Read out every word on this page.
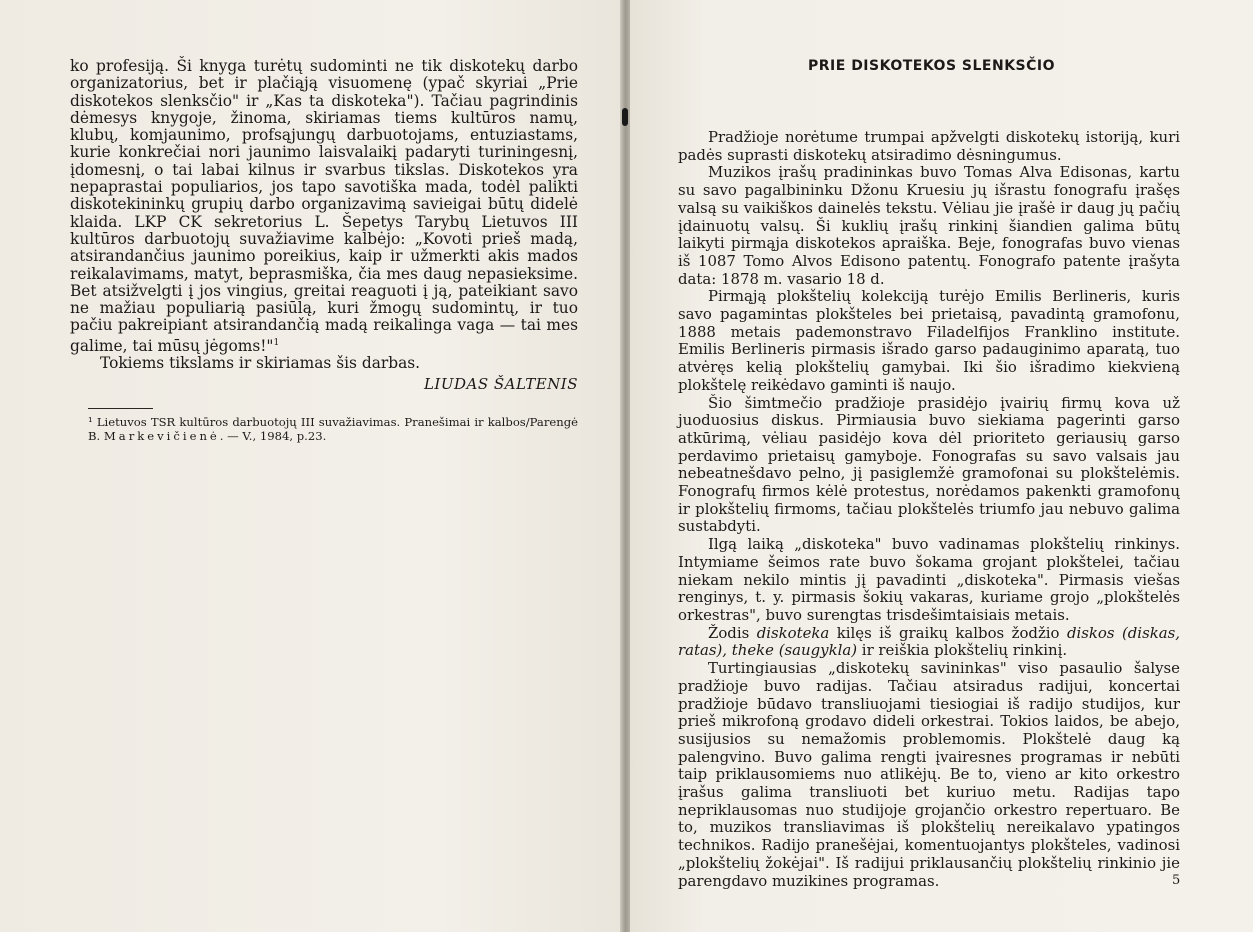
ko profesiją. Ši knyga turėtų sudominti ne tik diskotekų darbo organizatorius, bet ir plačiąją visuomenę (ypač skyriai „Prie diskotekos slenksčio" ir „Kas ta diskoteka"). Tačiau pagrindinis dėmesys knygoje, žinoma, skiriamas tiems kultūros namų, klubų, komjaunimo, profsąjungų darbuotojams, entuziastams, kurie konkrečiai nori jaunimo laisvalaikį padaryti turiningesnį, įdomesnį, o tai labai kilnus ir svarbus tikslas. Diskotekos yra nepaprastai populiarios, jos tapo savotiška mada, todėl palikti diskotekininkų grupių darbo organizavimą savieigai būtų didelė klaida. LKP CK sekretorius L. Šepetys Tarybų Lietuvos III kultūros darbuotojų suvažiavime kalbėjo: „Kovoti prieš madą, atsirandančius jaunimo poreikius, kaip ir užmerkti akis mados reikalavimams, matyt, beprasmiška, čia mes daug nepasieksime. Bet atsižvelgti į jos vingius, greitai reaguoti į ją, pateikiant savo ne mažiau populiarią pasiūlą, kuri žmogų sudomintų, ir tuo pačiu pakreipiant atsirandančią madą reikalinga vaga — tai mes galime, tai mūsų jėgoms!"$^1$

Tokiems tikslams ir skiriamas šis darbas.

LIUDAS ŠALTENIS
¹ Lietuvos TSR kultūros darbuotojų III suvažiavimas. Pranešimai ir kalbos/Parengė B. Markevičienė. — V., 1984, p.23.
PRIE DISKOTEKOS SLENKSČIO

Pradžioje norėtume trumpai apžvelgti diskotekų istoriją, kuri padės suprasti diskotekų atsiradimo dėsningumus.

Muzikos įrašų pradininkas buvo Tomas Alva Edisonas, kartu su savo pagalbininku Džonu Kruesiu jų išrastu fonografu įrašęs valsą su vaikiškos dainelės tekstu. Vėliau jie įrašė ir daug jų pačių įdainuotų valsų. Ši kuklių įrašų rinkinį šiandien galima būtų laikyti pirmąja diskotekos apraiška. Beje, fonografas buvo vienas iš 1087 Tomo Alvos Edisono patentų. Fonografo patente įrašyta data: 1878 m. vasario 18 d.

Pirmąją plokštelių kolekciją turėjo Emilis Berlineris, kuris savo pagamintas plokšteles bei prietaisą, pavadintą gramofonu, 1888 metais pademonstravo Filadelfijos Franklino institute. Emilis Berlineris pirmasis išrado garso padauginimo aparatą, tuo atvėręs kelią plokštelių gamybai. Iki šio išradimo kiekvieną plokštelę reikėdavo gaminti iš naujo.

Šio šimtmečio pradžioje prasidėjo įvairių firmų kova už juoduosius diskus. Pirmiausia buvo siekiama pagerinti garso atkūrimą, vėliau pasidėjo kova dėl prioriteto geriausių garso perdavimo prietaisų gamyboje. Fonografas su savo valsais jau nebeatnešdavo pelno, jį pasiglemžė gramofonai su plokštelėmis. Fonografų firmos kėlė protestus, norėdamos pakenkti gramofonų ir plokštelių firmoms, tačiau plokštelės triumfo jau nebuvo galima sustabdyti.

Ilgą laiką „diskoteka" buvo vadinamas plokštelių rinkinys. Intymiame šeimos rate buvo šokama grojant plokštelei, tačiau niekam nekilo mintis jį pavadinti „diskoteka". Pirmasis viešas renginys, t. y. pirmasis šokių vakaras, kuriame grojo „plokštelės orkestras", buvo surengtas trisdešimtaisiais metais.

Žodis diskoteka kilęs iš graikų kalbos žodžio diskos (diskas, ratas), theke (saugykla) ir reiškia plokštelių rinkinį.

Turtingiausias „diskotekų savininkas" viso pasaulio šalyse pradžioje buvo radijas. Tačiau atsiradus radijui, koncertai pradžioje būdavo transliuojami tiesiogiai iš radijo studijos, kur prieš mikrofoną grodavo dideli orkestrai. Tokios laidos, be abejo, susijusios su nemažomis problemomis. Plokštelė daug ką palengvino. Buvo galima rengti įvairesnes programas ir nebūti taip priklausomiems nuo atlikėjų. Be to, vieno ar kito orkestro įrašus galima transliuoti bet kuriuo metu. Radijas tapo nepriklausomas nuo studijoje grojančio orkestro repertuaro. Be to, muzikos transliavimas iš plokštelių nereikalavo ypatingos technikos. Radijo pranešėjai, komentuojantys plokšteles, vadinosi „plokštelių žokėjai". Iš radijui priklausančių plokštelių rinkinio jie parengdavo muzikines programas.	5
